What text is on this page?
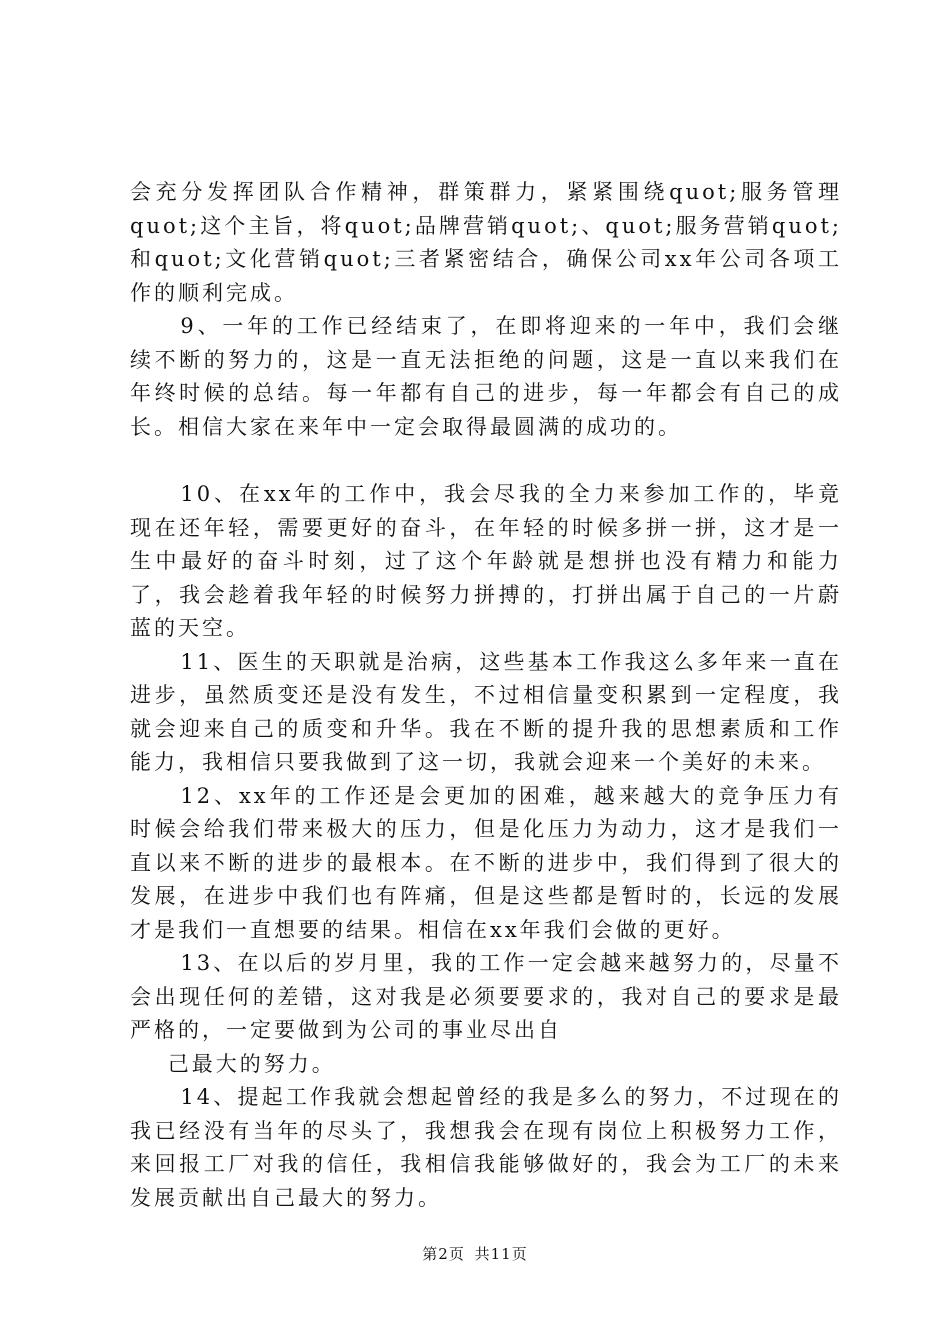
会充分发挥团队合作精神，群策群力，紧紧围绕quot;服务管理quot;这个主旨，将quot;品牌营销quot;、quot;服务营销quot;和quot;文化营销quot;三者紧密结合，确保公司xx年公司各项工作的顺利完成。

9、一年的工作已经结束了，在即将迎来的一年中，我们会继续不断的努力的，这是一直无法拒绝的问题，这是一直以来我们在年终时候的总结。每一年都有自己的进步，每一年都会有自己的成长。相信大家在来年中一定会取得最圆满的成功的。

10、在xx年的工作中，我会尽我的全力来参加工作的，毕竟现在还年轻，需要更好的奋斗，在年轻的时候多拼一拼，这才是一生中最好的奋斗时刻，过了这个年龄就是想拼也没有精力和能力了，我会趁着我年轻的时候努力拼搏的，打拼出属于自己的一片蔚蓝的天空。

11、医生的天职就是治病，这些基本工作我这么多年来一直在进步，虽然质变还是没有发生，不过相信量变积累到一定程度，我就会迎来自己的质变和升华。我在不断的提升我的思想素质和工作能力，我相信只要我做到了这一切，我就会迎来一个美好的未来。

12、xx年的工作还是会更加的困难，越来越大的竞争压力有时候会给我们带来极大的压力，但是化压力为动力，这才是我们一直以来不断的进步的最根本。在不断的进步中，我们得到了很大的发展，在进步中我们也有阵痛，但是这些都是暂时的，长远的发展才是我们一直想要的结果。相信在xx年我们会做的更好。

13、在以后的岁月里，我的工作一定会越来越努力的，尽量不会出现任何的差错，这对我是必须要要求的，我对自己的要求是最严格的，一定要做到为公司的事业尽出自

己最大的努力。

14、提起工作我就会想起曾经的我是多么的努力，不过现在的我已经没有当年的尽头了，我想我会在现有岗位上积极努力工作，来回报工厂对我的信任，我相信我能够做好的，我会为工厂的未来发展贡献出自己最大的努力。

第2页 共11页
